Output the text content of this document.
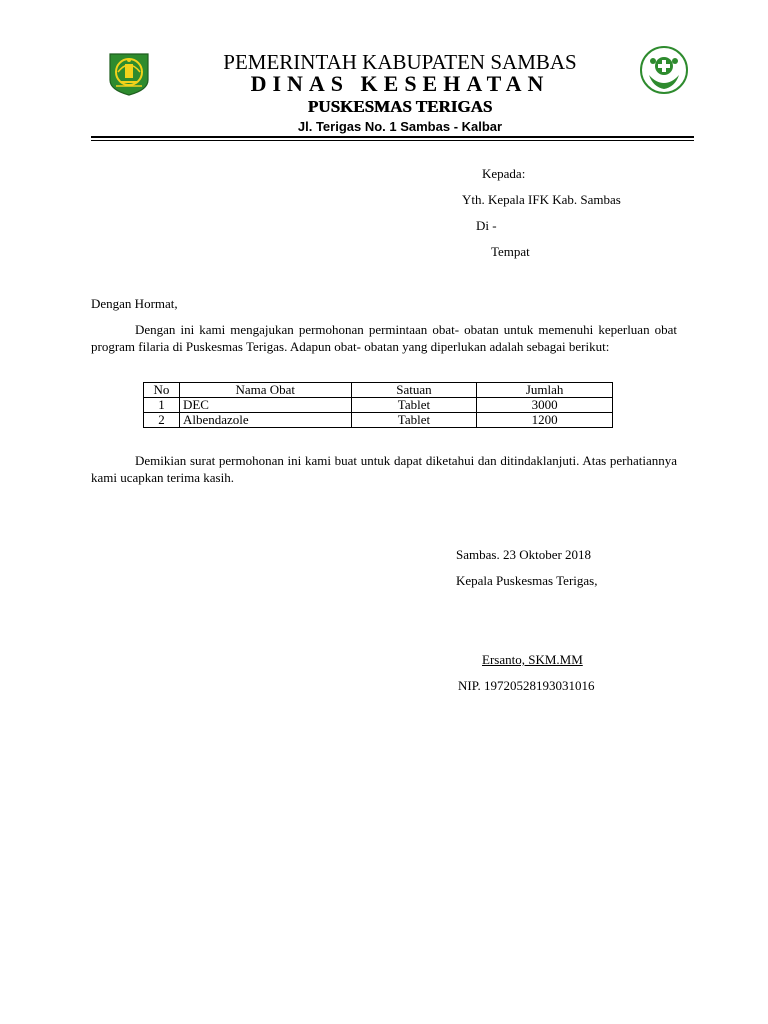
PEMERINTAH KABUPATEN SAMBAS
DINAS KESEHATAN
PUSKESMAS TERIGAS
Jl. Terigas No. 1 Sambas - Kalbar
Kepada:
Yth. Kepala IFK Kab. Sambas
Di -
Tempat
Dengan Hormat,
Dengan ini kami mengajukan permohonan permintaan obat- obatan untuk memenuhi keperluan obat program filaria di Puskesmas Terigas. Adapun obat- obatan yang diperlukan adalah sebagai berikut:
No	Nama Obat	Satuan	Jumlah
1	DEC	Tablet	3000
2	Albendazole	Tablet	1200
Demikian surat permohonan ini kami buat untuk dapat diketahui dan ditindaklanjuti. Atas perhatiannya kami ucapkan terima kasih.
Sambas. 23 Oktober 2018
Kepala Puskesmas Terigas,
Ersanto, SKM.MM
NIP. 19720528193031016
